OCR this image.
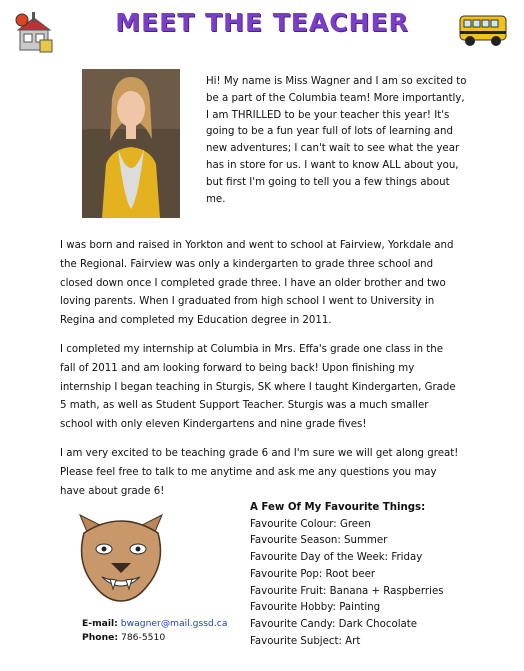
MEET THE TEACHER
Hi! My name is Miss Wagner and I am so excited to be a part of the Columbia team! More importantly, I am THRILLED to be your teacher this year! It's going to be a fun year full of lots of learning and new adventures; I can't wait to see what the year has in store for us. I want to know ALL about you, but first I'm going to tell you a few things about me.
I was born and raised in Yorkton and went to school at Fairview, Yorkdale and the Regional. Fairview was only a kindergarten to grade three school and closed down once I completed grade three. I have an older brother and two loving parents. When I graduated from high school I went to University in Regina and completed my Education degree in 2011.
I completed my internship at Columbia in Mrs. Effa's grade one class in the fall of 2011 and am looking forward to being back! Upon finishing my internship I began teaching in Sturgis, SK where I taught Kindergarten, Grade 5 math, as well as Student Support Teacher. Sturgis was a much smaller school with only eleven Kindergartens and nine grade fives!
I am very excited to be teaching grade 6 and I'm sure we will get along great! Please feel free to talk to me anytime and ask me any questions you may have about grade 6!
E-mail: bwagner@mail.gssd.ca
Phone: 786-5510
A Few Of My Favourite Things:
Favourite Colour: Green
Favourite Season: Summer
Favourite Day of the Week: Friday
Favourite Pop: Root beer
Favourite Fruit: Banana + Raspberries
Favourite Hobby: Painting
Favourite Candy: Dark Chocolate
Favourite Subject: Art
